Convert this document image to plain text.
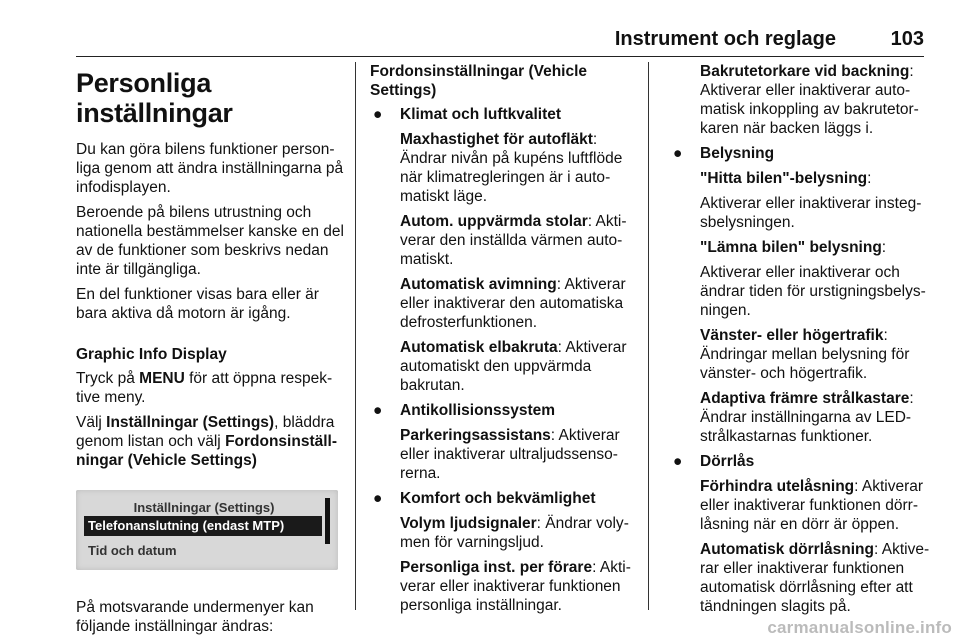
Instrument och reglage	103
Personliga inställningar

Du kan göra bilens funktioner personliga genom att ändra inställningarna på infodisplayen.

Beroende på bilens utrustning och nationella bestämmelser kanske en del av de funktioner som beskrivs nedan inte är tillgängliga.

En del funktioner visas bara eller är bara aktiva då motorn är igång.

Graphic Info Display

Tryck på MENU för att öppna respektive meny.

Välj Inställningar (Settings), bläddra genom listan och välj Fordonsinställningar (Vehicle Settings)

Inställningar (Settings)
Telefonanslutning (endast MTP)
Tid och datum

På motsvarande undermenyer kan följande inställningar ändras:

Fordonsinställningar (Vehicle Settings)
● Klimat och luftkvalitet

Maxhastighet för autofläkt: Ändrar nivån på kupéns luftflöde när klimatregleringen är i automatiskt läge.

Autom. uppvärmda stolar: Aktiverar den inställda värmen automatiskt.

Automatisk avimning: Aktiverar eller inaktiverar den automatiska defrosterfunktionen.

Automatisk elbakruta: Aktiverar automatiskt den uppvärmda bakrutan.

● Antikollisionssystem

Parkeringsassistans: Aktiverar eller inaktiverar ultraljudssensorerna.

● Komfort och bekvämlighet

Volym ljudsignaler: Ändrar volymen för varningsljud.

Personliga inst. per förare: Aktiverar eller inaktiverar funktionen personliga inställningar.

Bakrutetorkare vid backning: Aktiverar eller inaktiverar automatisk inkoppling av bakrutetorkaren när backen läggs i.

● Belysning

"Hitta bilen"-belysning:

Aktiverar eller inaktiverar instegsbelysningen.

"Lämna bilen" belysning:

Aktiverar eller inaktiverar och ändrar tiden för urstigningsbelysningen.

Vänster- eller högertrafik: Ändringar mellan belysning för vänster- och högertrafik.

Adaptiva främre strålkastare: Ändrar inställningarna av LED-strålkastarnas funktioner.

● Dörrlås

Förhindra utelåsning: Aktiverar eller inaktiverar funktionen dörrlåsning när en dörr är öppen.

Automatisk dörrlåsning: Aktiverar eller inaktiverar funktionen automatisk dörrlåsning efter att tändningen slagits på.

carmanualsonline.info
